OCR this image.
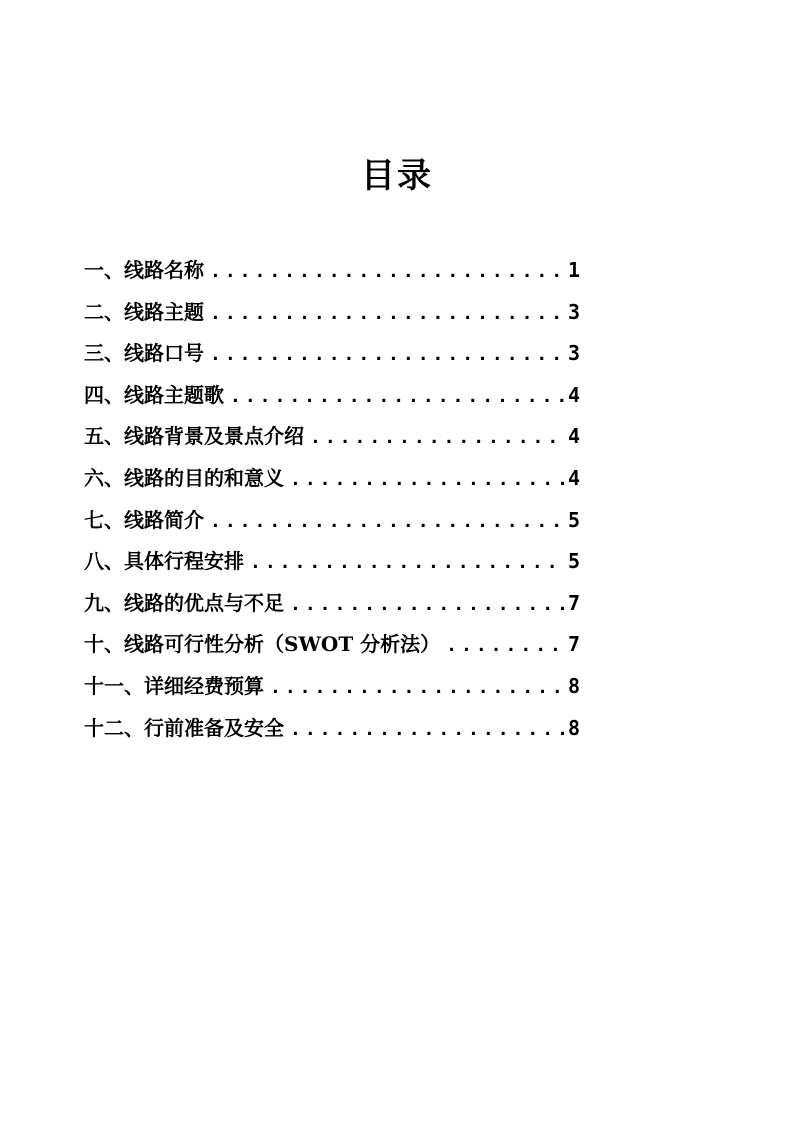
目录
一、线路名称 .....	1
二、线路主题 .....	3
三、线路口号 .....	3
四、线路主题歌 .....	4
五、线路背景及景点介绍 .....	4
六、线路的目的和意义 .....	4
七、线路简介 .....	5
八、具体行程安排 .....	5
九、线路的优点与不足 .....	7
十、线路可行性分析（SWOT 分析法） .....	7
十一、详细经费预算 .....	8
十二、行前准备及安全 .....	8
